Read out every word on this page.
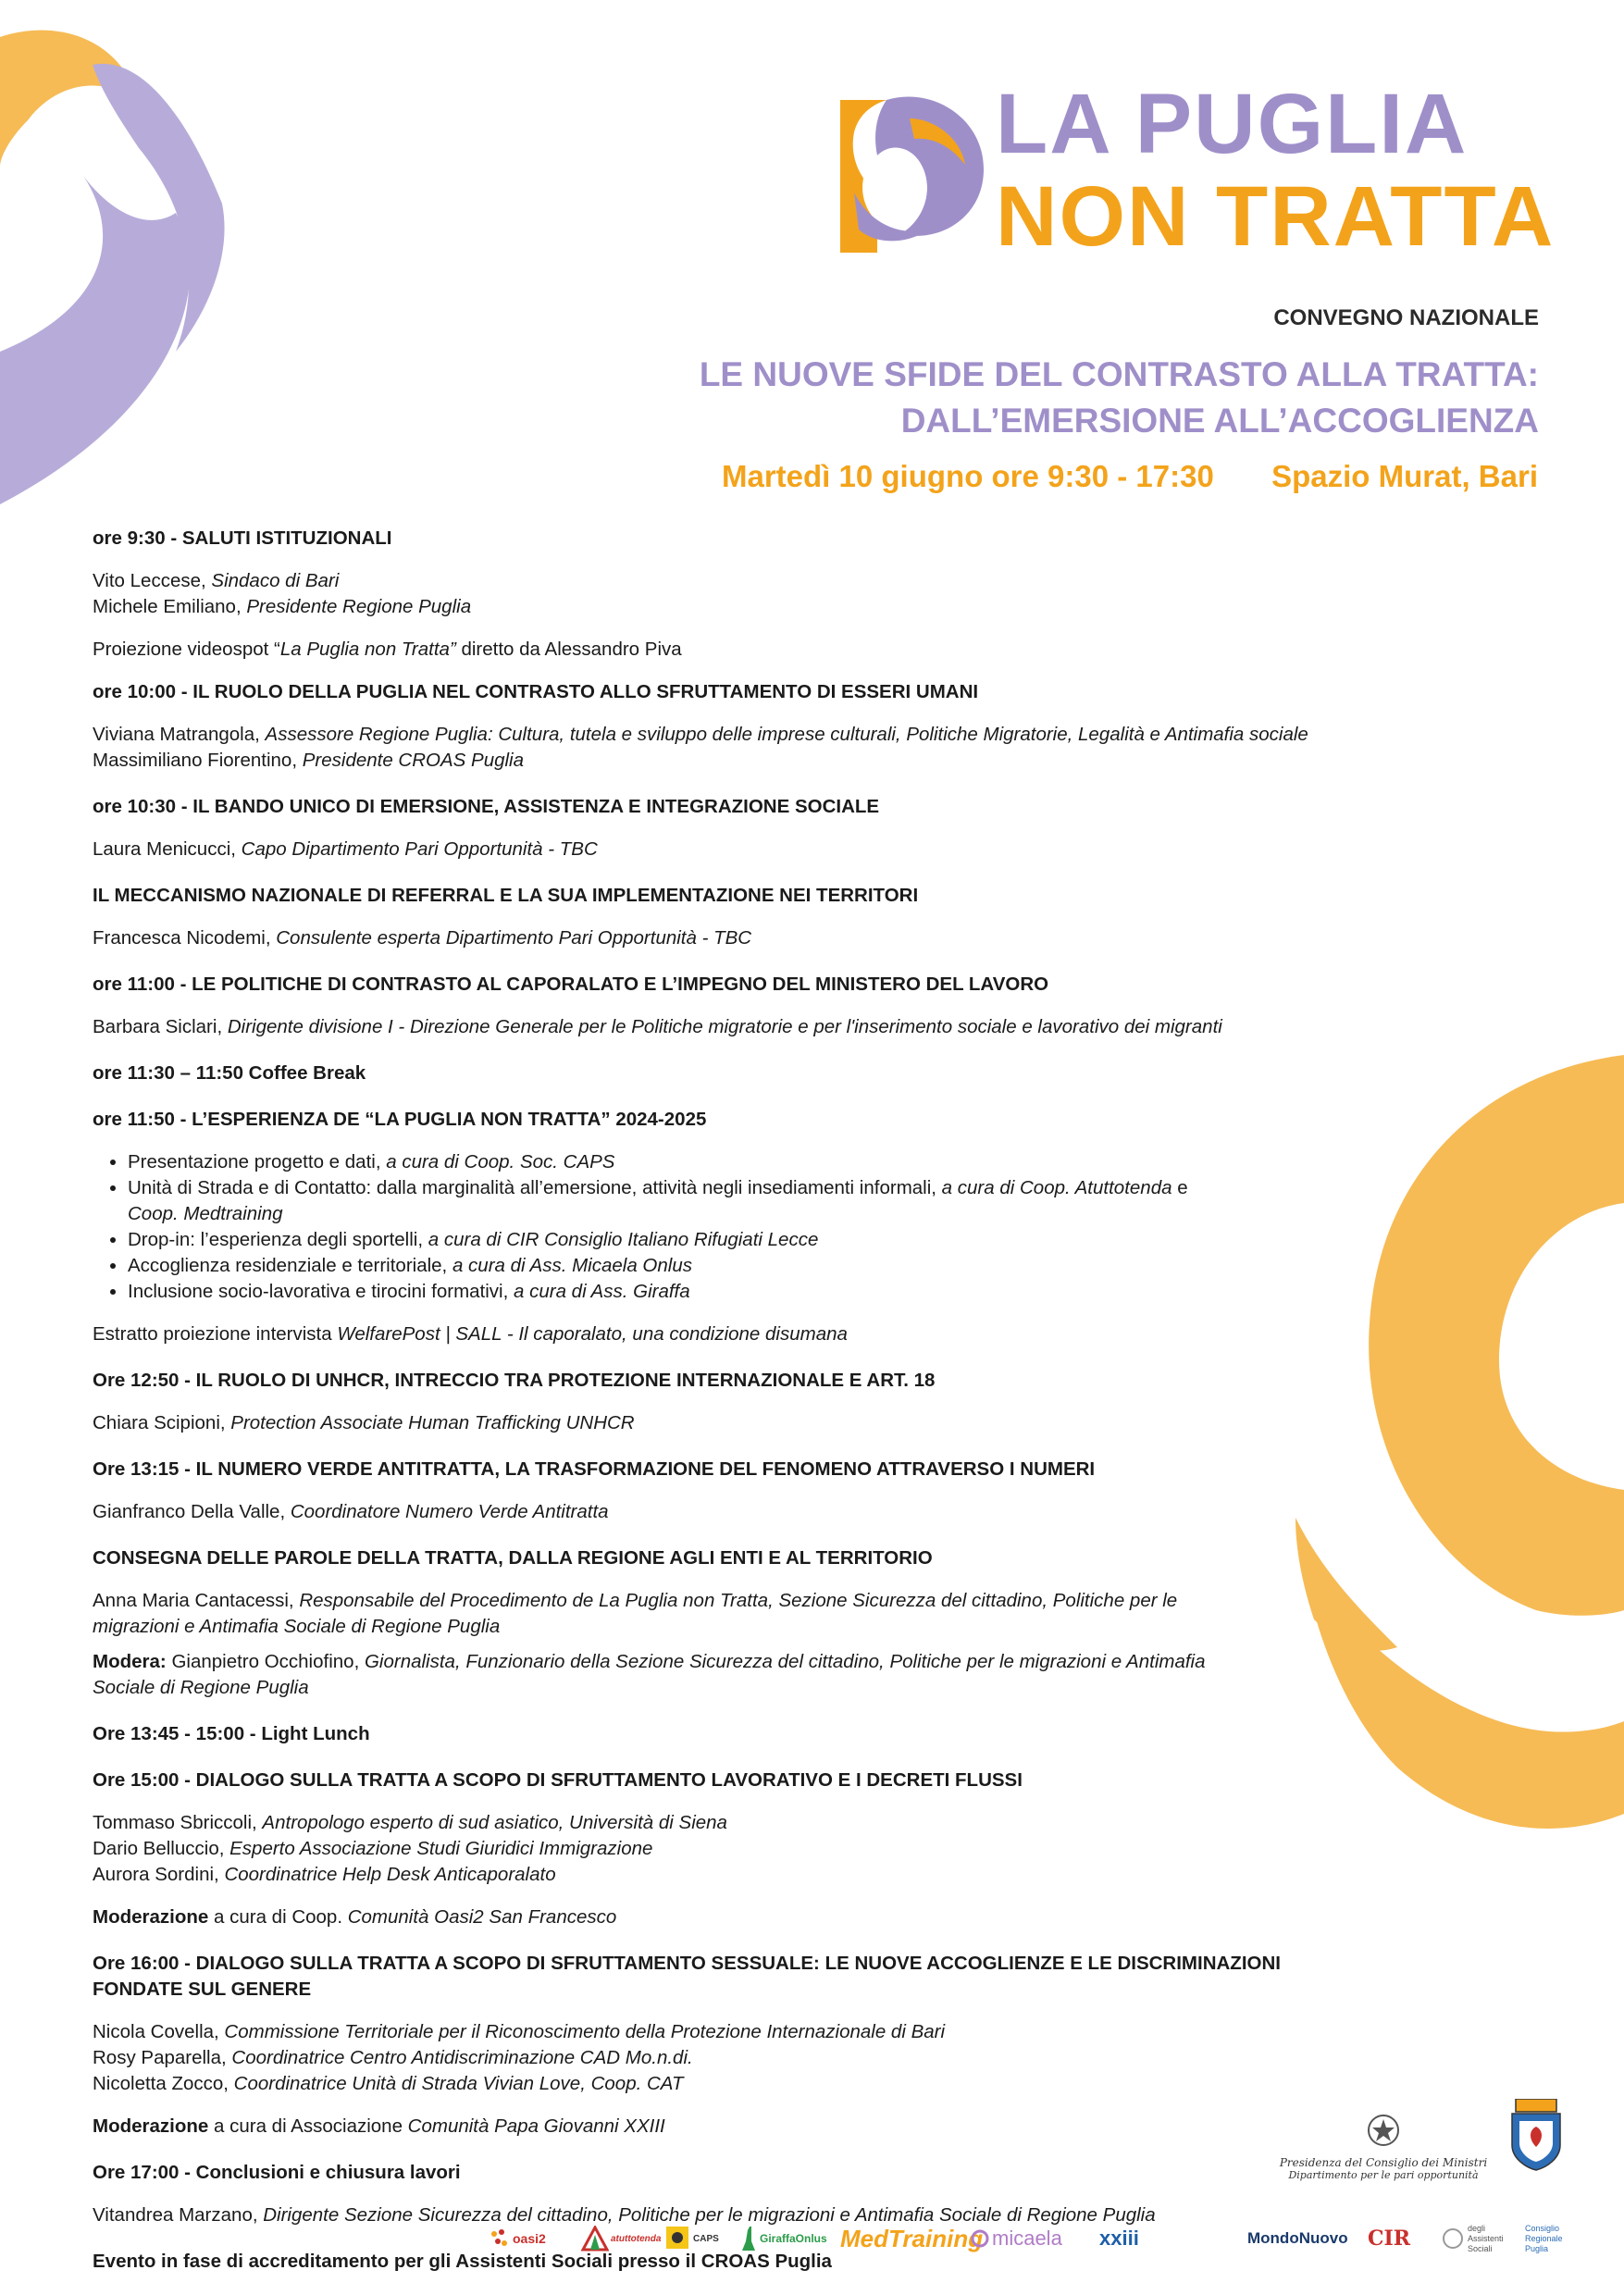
LA PUGLIA
NON TRATTA
CONVEGNO NAZIONALE
LE NUOVE SFIDE DEL CONTRASTO ALLA TRATTA:
DALL’EMERSIONE ALL’ACCOGLIENZA
Martedì 10 giugno ore 9:30 - 17:30 Spazio Murat, Bari

ore 9:30 - SALUTI ISTITUZIONALI

Vito Leccese, Sindaco di Bari

Michele Emiliano, Presidente Regione Puglia

Proiezione videospot “La Puglia non Tratta” diretto da Alessandro Piva

ore 10:00 - IL RUOLO DELLA PUGLIA NEL CONTRASTO ALLO SFRUTTAMENTO DI ESSERI UMANI

Viviana Matrangola, Assessore Regione Puglia: Cultura, tutela e sviluppo delle imprese culturali, Politiche Migratorie, Legalità e Antimafia sociale

Massimiliano Fiorentino, Presidente CROAS Puglia

ore 10:30 - IL BANDO UNICO DI EMERSIONE, ASSISTENZA E INTEGRAZIONE SOCIALE

Laura Menicucci, Capo Dipartimento Pari Opportunità - TBC

IL MECCANISMO NAZIONALE DI REFERRAL E LA SUA IMPLEMENTAZIONE NEI TERRITORI

Francesca Nicodemi, Consulente esperta Dipartimento Pari Opportunità - TBC

ore 11:00 - LE POLITICHE DI CONTRASTO AL CAPORALATO E L’IMPEGNO DEL MINISTERO DEL LAVORO

Barbara Siclari, Dirigente divisione I - Direzione Generale per le Politiche migratorie e per l'inserimento sociale e lavorativo dei migranti

ore 11:30 – 11:50 Coffee Break

ore 11:50 - L’ESPERIENZA DE “LA PUGLIA NON TRATTA” 2024-2025

• Presentazione progetto e dati, a cura di Coop. Soc. CAPS
• Unità di Strada e di Contatto: dalla marginalità all’emersione, attività negli insediamenti informali, a cura di Coop. Atuttotenda e
Coop. Medtraining
• Drop-in: l’esperienza degli sportelli, a cura di CIR Consiglio Italiano Rifugiati Lecce
• Accoglienza residenziale e territoriale, a cura di Ass. Micaela Onlus
• Inclusione socio-lavorativa e tirocini formativi, a cura di Ass. Giraffa

Estratto proiezione intervista WelfarePost | SALL - Il caporalato, una condizione disumana

Ore 12:50 - IL RUOLO DI UNHCR, INTRECCIO TRA PROTEZIONE INTERNAZIONALE E ART. 18

Chiara Scipioni, Protection Associate Human Trafficking UNHCR

Ore 13:15 - IL NUMERO VERDE ANTITRATTA, LA TRASFORMAZIONE DEL FENOMENO ATTRAVERSO I NUMERI

Gianfranco Della Valle, Coordinatore Numero Verde Antitratta

CONSEGNA DELLE PAROLE DELLA TRATTA, DALLA REGIONE AGLI ENTI E AL TERRITORIO

Anna Maria Cantacessi, Responsabile del Procedimento de La Puglia non Tratta, Sezione Sicurezza del cittadino, Politiche per le
migrazioni e Antimafia Sociale di Regione Puglia

Modera: Gianpietro Occhiofino, Giornalista, Funzionario della Sezione Sicurezza del cittadino, Politiche per le migrazioni e Antimafia
Sociale di Regione Puglia

Ore 13:45 - 15:00 - Light Lunch

Ore 15:00 - DIALOGO SULLA TRATTA A SCOPO DI SFRUTTAMENTO LAVORATIVO E I DECRETI FLUSSI

Tommaso Sbriccoli, Antropologo esperto di sud asiatico, Università di Siena

Dario Belluccio, Esperto Associazione Studi Giuridici Immigrazione

Aurora Sordini, Coordinatrice Help Desk Anticaporalato

Moderazione a cura di Coop. Comunità Oasi2 San Francesco

Ore 16:00 - DIALOGO SULLA TRATTA A SCOPO DI SFRUTTAMENTO SESSUALE: LE NUOVE ACCOGLIENZE E LE DISCRIMINAZIONI FONDATE SUL GENERE

Nicola Covella, Commissione Territoriale per il Riconoscimento della Protezione Internazionale di Bari

Rosy Paparella, Coordinatrice Centro Antidiscriminazione CAD Mo.n.di.

Nicoletta Zocco, Coordinatrice Unità di Strada Vivian Love, Coop. CAT

Moderazione a cura di Associazione Comunità Papa Giovanni XXIII

Ore 17:00 - Conclusioni e chiusura lavori

Vitandrea Marzano, Dirigente Sezione Sicurezza del cittadino, Politiche per le migrazioni e Antimafia Sociale di Regione Puglia

Evento in fase di accreditamento per gli Assistenti Sociali presso il CROAS Puglia

Presidenza del Consiglio dei Ministri
Dipartimento per le pari opportunità
oasi2	atuttotenda	CAPS	GiraffaOnlus MedTraining micaela xxiii	MondoNuovo CIR	degli Assistenti Sociali
Consiglio Regionale Puglia
